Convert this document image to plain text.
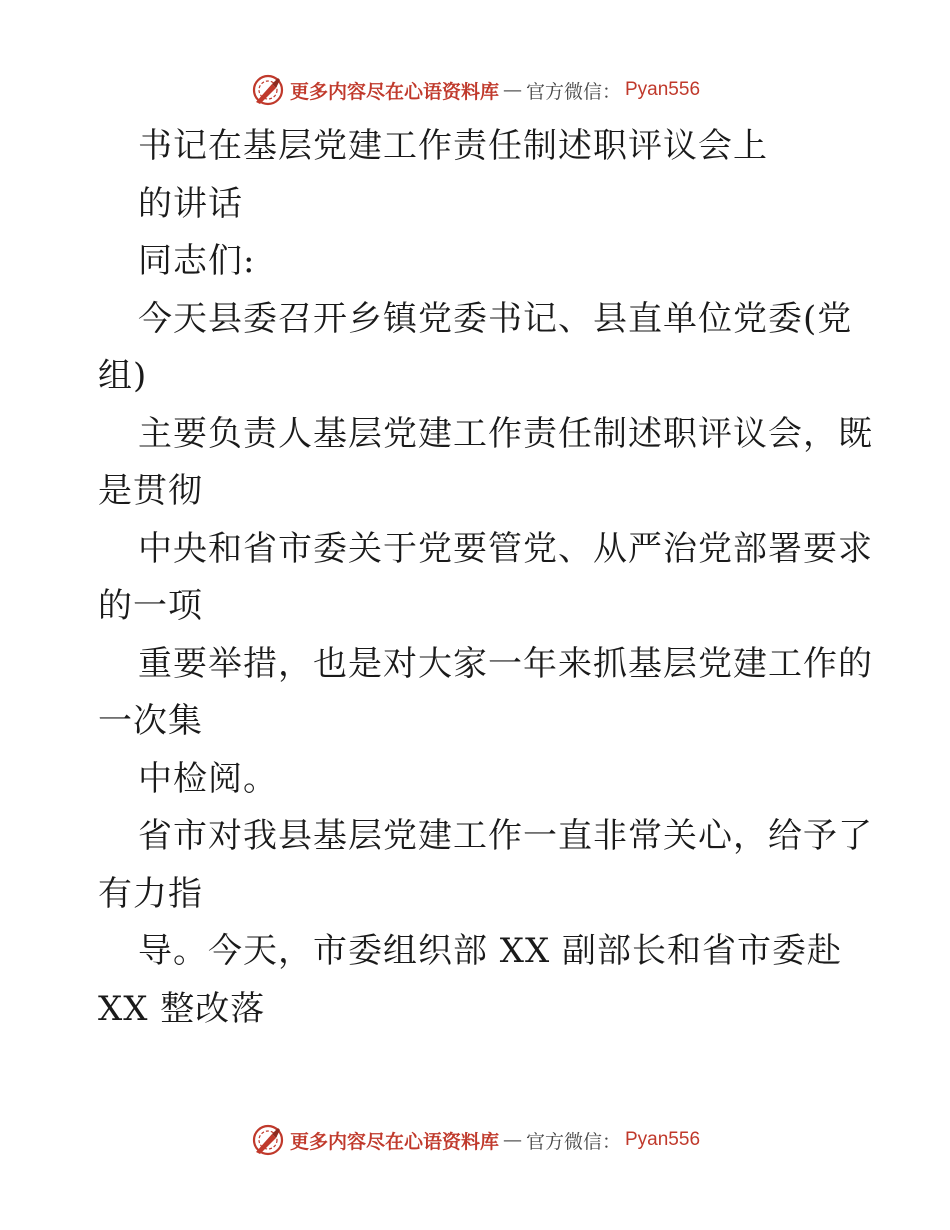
更多内容尽在心语资料库 — 官方微信： Pyan556
书记在基层党建工作责任制述职评议会上
的讲话
同志们:
今天县委召开乡镇党委书记、县直单位党委(党
组)
主要负责人基层党建工作责任制述职评议会，既
是贯彻
中央和省市委关于党要管党、从严治党部署要求
的一项
重要举措，也是对大家一年来抓基层党建工作的
一次集
中检阅。
省市对我县基层党建工作一直非常关心，给予了
有力指
导。今天，市委组织部 XX 副部长和省市委赴
XX 整改落
更多内容尽在心语资料库 — 官方微信： Pyan556
